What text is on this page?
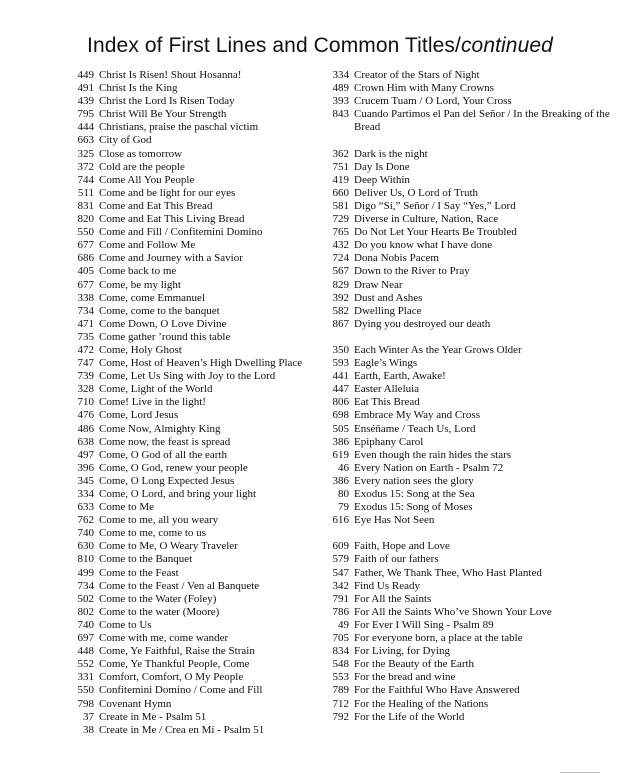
Index of First Lines and Common Titles/continued
449 Christ Is Risen! Shout Hosanna!
491 Christ Is the King
439 Christ the Lord Is Risen Today
795 Christ Will Be Your Strength
444 Christians, praise the paschal victim
663 City of God
325 Close as tomorrow
372 Cold are the people
744 Come All You People
511 Come and be light for our eyes
831 Come and Eat This Bread
820 Come and Eat This Living Bread
550 Come and Fill / Confitemini Domino
677 Come and Follow Me
686 Come and Journey with a Savior
405 Come back to me
677 Come, be my light
338 Come, come Emmanuel
734 Come, come to the banquet
471 Come Down, O Love Divine
735 Come gather ’round this table
472 Come, Holy Ghost
747 Come, Host of Heaven’s High Dwelling Place
739 Come, Let Us Sing with Joy to the Lord
328 Come, Light of the World
710 Come! Live in the light!
476 Come, Lord Jesus
486 Come Now, Almighty King
638 Come now, the feast is spread
497 Come, O God of all the earth
396 Come, O God, renew your people
345 Come, O Long Expected Jesus
334 Come, O Lord, and bring your light
633 Come to Me
762 Come to me, all you weary
740 Come to me, come to us
630 Come to Me, O Weary Traveler
810 Come to the Banquet
499 Come to the Feast
734 Come to the Feast / Ven al Banquete
502 Come to the Water (Foley)
802 Come to the water (Moore)
740 Come to Us
697 Come with me, come wander
448 Come, Ye Faithful, Raise the Strain
552 Come, Ye Thankful People, Come
331 Comfort, Comfort, O My People
550 Confitemini Domino / Come and Fill
798 Covenant Hymn
37 Create in Me - Psalm 51
38 Create in Me / Crea en Mí - Psalm 51
334 Creator of the Stars of Night
489 Crown Him with Many Crowns
393 Crucem Tuam / O Lord, Your Cross
843 Cuando Partimos el Pan del Señor / In the Breaking of the Bread
362 Dark is the night
751 Day Is Done
419 Deep Within
660 Deliver Us, O Lord of Truth
581 Digo “Sí,” Señor / I Say “Yes,” Lord
729 Diverse in Culture, Nation, Race
765 Do Not Let Your Hearts Be Troubled
432 Do you know what I have done
724 Dona Nobis Pacem
567 Down to the River to Pray
829 Draw Near
392 Dust and Ashes
582 Dwelling Place
867 Dying you destroyed our death
350 Each Winter As the Year Grows Older
593 Eagle’s Wings
441 Earth, Earth, Awake!
447 Easter Alleluia
806 Eat This Bread
698 Embrace My Way and Cross
505 Enséñame / Teach Us, Lord
386 Epiphany Carol
619 Even though the rain hides the stars
46 Every Nation on Earth - Psalm 72
386 Every nation sees the glory
80 Exodus 15: Song at the Sea
79 Exodus 15: Song of Moses
616 Eye Has Not Seen
609 Faith, Hope and Love
579 Faith of our fathers
547 Father, We Thank Thee, Who Hast Planted
342 Find Us Ready
791 For All the Saints
786 For All the Saints Who’ve Shown Your Love
49 For Ever I Will Sing - Psalm 89
705 For everyone born, a place at the table
834 For Living, for Dying
548 For the Beauty of the Earth
553 For the bread and wine
789 For the Faithful Who Have Answered
712 For the Healing of the Nations
792 For the Life of the World
